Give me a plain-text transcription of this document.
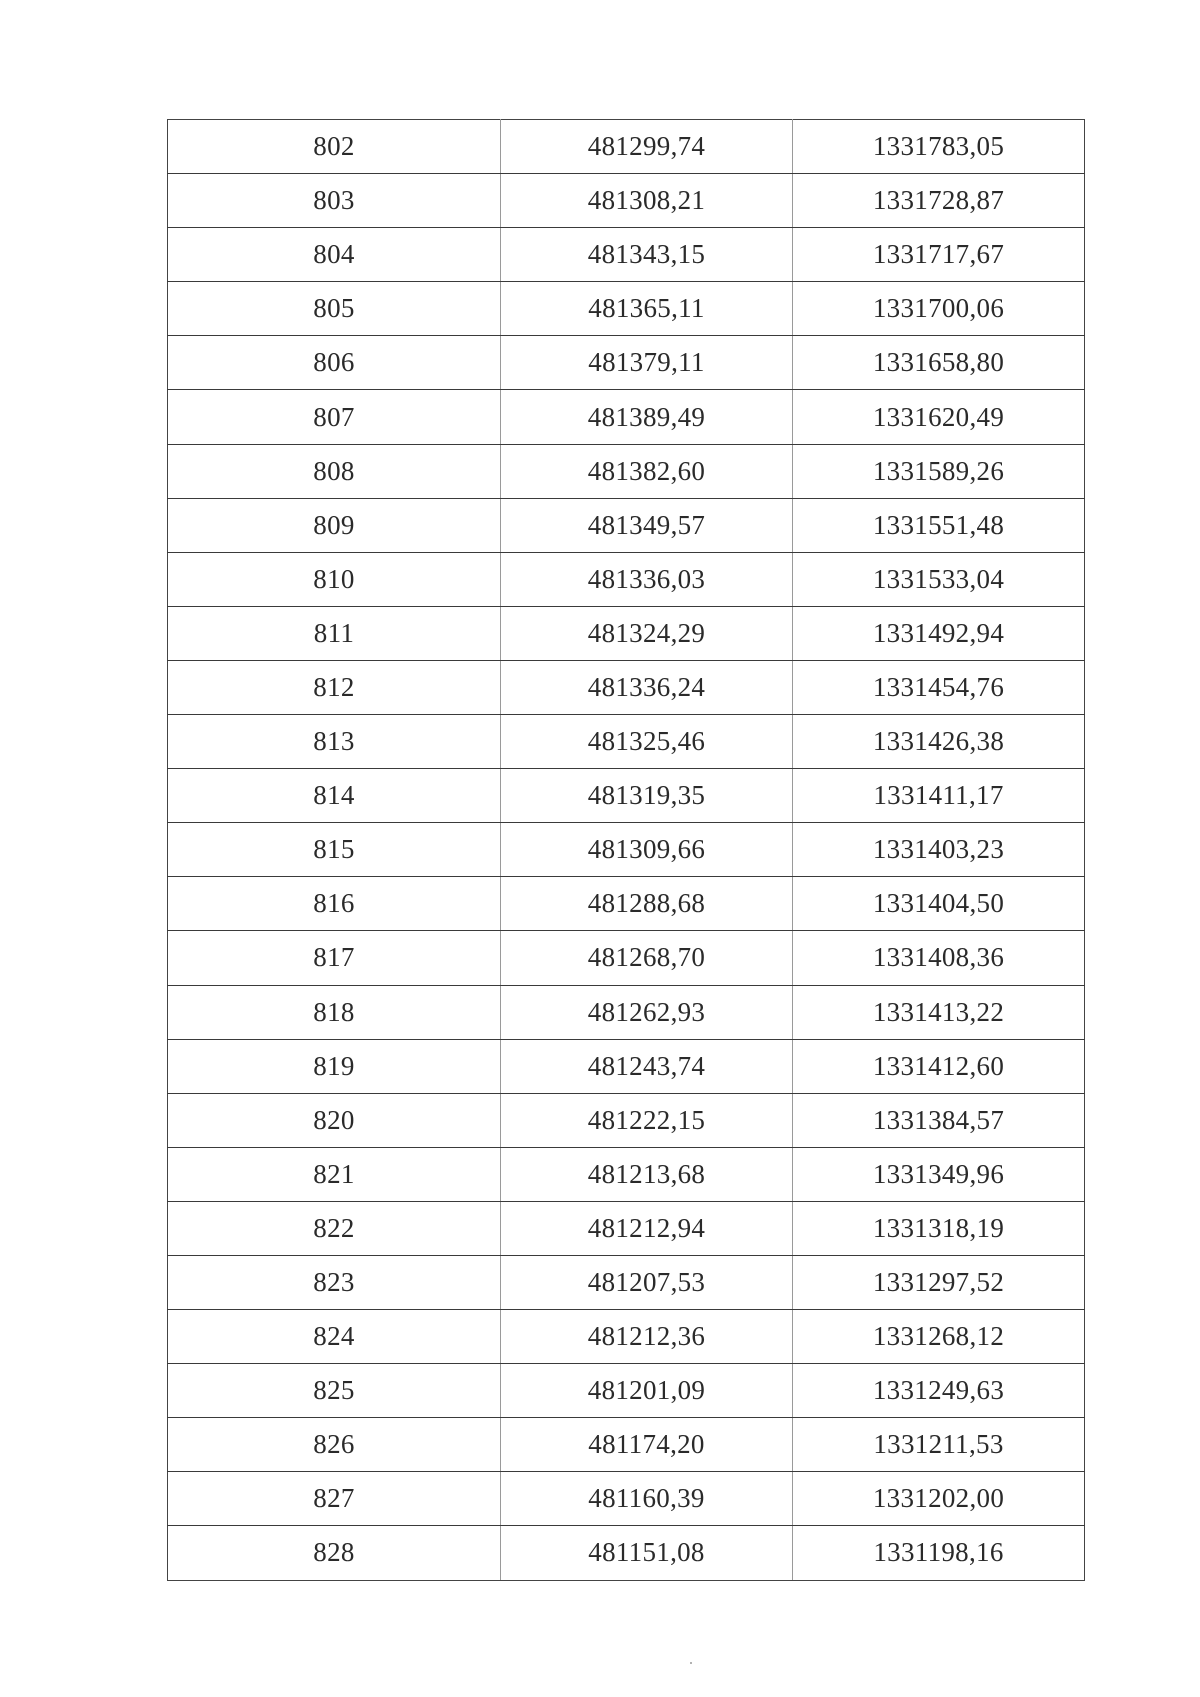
802	481299,74	1331783,05
803	481308,21	1331728,87
804	481343,15	1331717,67
805	481365,11	1331700,06
806	481379,11	1331658,80
807	481389,49	1331620,49
808	481382,60	1331589,26
809	481349,57	1331551,48
810	481336,03	1331533,04
811	481324,29	1331492,94
812	481336,24	1331454,76
813	481325,46	1331426,38
814	481319,35	1331411,17
815	481309,66	1331403,23
816	481288,68	1331404,50
817	481268,70	1331408,36
818	481262,93	1331413,22
819	481243,74	1331412,60
820	481222,15	1331384,57
821	481213,68	1331349,96
822	481212,94	1331318,19
823	481207,53	1331297,52
824	481212,36	1331268,12
825	481201,09	1331249,63
826	481174,20	1331211,53
827	481160,39	1331202,00
828	481151,08	1331198,16
